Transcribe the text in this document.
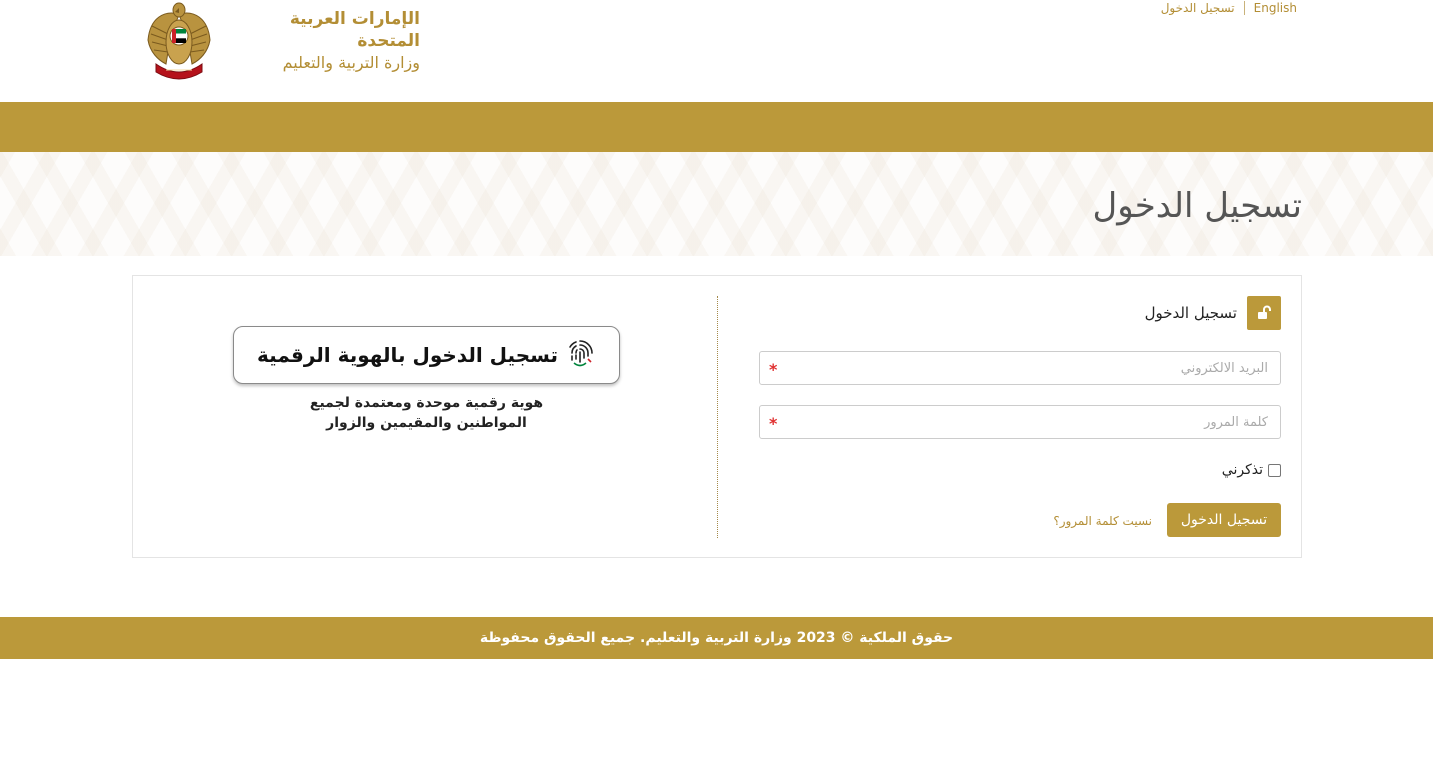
الإمارات العربية المتحدة
وزارة التربية والتعليم
تسجيل الدخول English
تسجيل الدخول
تسجيل الدخول
البريد الالكتروني
*
*
تذكرني
تسجيل الدخول
نسيت كلمة المرور؟
تسجيل الدخول بالهوية الرقمية
هوية رقمية موحدة ومعتمدة لجميع
المواطنين والمقيمين والزوار
حقوق الملكية © 2023 وزارة التربية والتعليم. جميع الحقوق محفوظة
